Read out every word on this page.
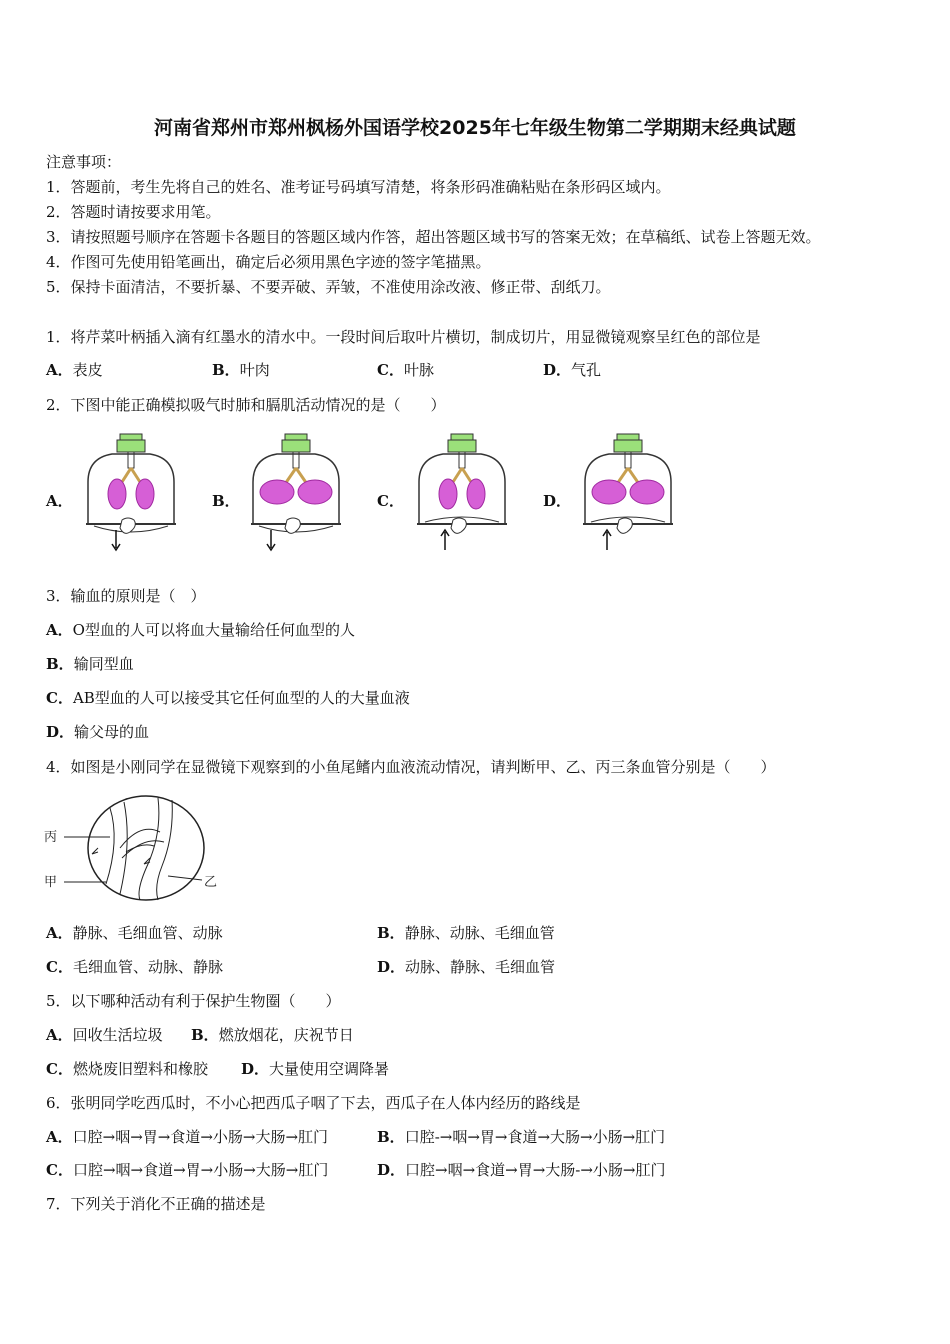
河南省郑州市郑州枫杨外国语学校2025年七年级生物第二学期期末经典试题
注意事项：
1．答题前，考生先将自己的姓名、准考证号码填写清楚，将条形码准确粘贴在条形码区域内。
2．答题时请按要求用笔。
3．请按照题号顺序在答题卡各题目的答题区域内作答，超出答题区域书写的答案无效；在草稿纸、试卷上答题无效。
4．作图可先使用铅笔画出，确定后必须用黑色字迹的签字笔描黑。
5．保持卡面清洁，不要折暴、不要弄破、弄皱，不准使用涂改液、修正带、刮纸刀。
1．将芹菜叶柄插入滴有红墨水的清水中。一段时间后取叶片横切，制成切片，用显微镜观察呈红色的部位是
A．表皮	B．叶肉	C．叶脉	D．气孔
2．下图中能正确模拟吸气时肺和膈肌活动情况的是（　　）
A．	B．	C．	D．
3．输血的原则是（　）
A．O型血的人可以将血大量输给任何血型的人
B．输同型血
C．AB型血的人可以接受其它任何血型的人的大量血液
D．输父母的血
4．如图是小刚同学在显微镜下观察到的小鱼尾鳍内血液流动情况，请判断甲、乙、丙三条血管分别是（　　）
丙
甲	乙
A．静脉、毛细血管、动脉	B．静脉、动脉、毛细血管
C．毛细血管、动脉、静脉	D．动脉、静脉、毛细血管
5．以下哪种活动有利于保护生物圈（　　）
A．回收生活垃圾 B．燃放烟花，庆祝节日
C．燃烧废旧塑料和橡胶 D．大量使用空调降暑
6．张明同学吃西瓜时，不小心把西瓜子咽了下去，西瓜子在人体内经历的路线是
A．口腔→咽→胃→食道→小肠→大肠→肛门	B．口腔-→咽→胃→食道→大肠→小肠→肛门
C．口腔→咽→食道→胃→小肠→大肠→肛门	D．口腔→咽→食道→胃→大肠-→小肠→肛门
7．下列关于消化不正确的描述是
